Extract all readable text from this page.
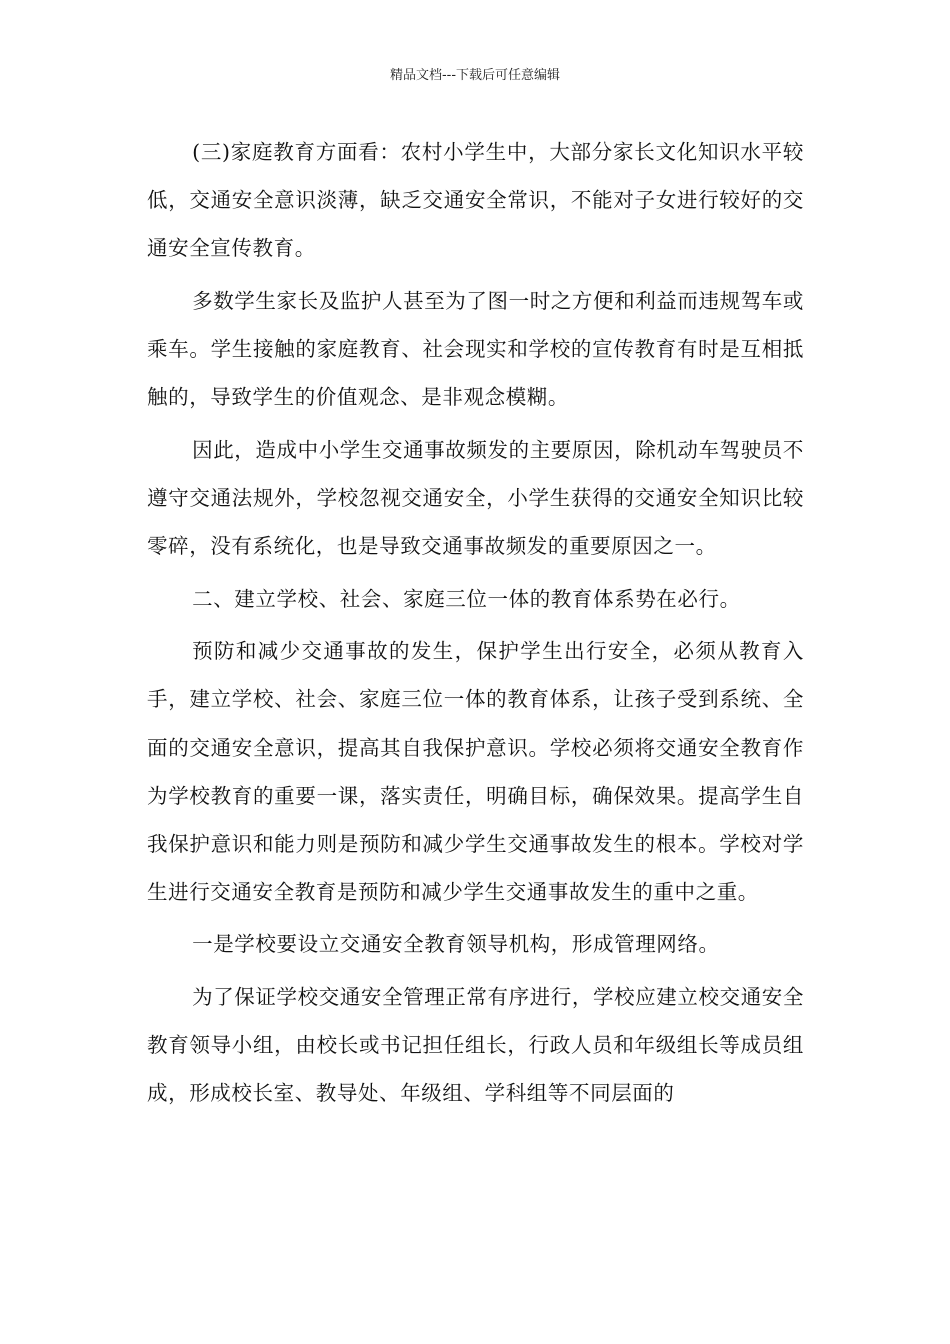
精品文档---下载后可任意编辑

(三)家庭教育方面看：农村小学生中，大部分家长文化知识水平较低，交通安全意识淡薄，缺乏交通安全常识，不能对子女进行较好的交通安全宣传教育。

多数学生家长及监护人甚至为了图一时之方便和利益而违规驾车或乘车。学生接触的家庭教育、社会现实和学校的宣传教育有时是互相抵触的，导致学生的价值观念、是非观念模糊。

因此，造成中小学生交通事故频发的主要原因，除机动车驾驶员不遵守交通法规外，学校忽视交通安全，小学生获得的交通安全知识比较零碎，没有系统化，也是导致交通事故频发的重要原因之一。

二、建立学校、社会、家庭三位一体的教育体系势在必行。

预防和减少交通事故的发生，保护学生出行安全，必须从教育入手，建立学校、社会、家庭三位一体的教育体系，让孩子受到系统、全面的交通安全意识，提高其自我保护意识。学校必须将交通安全教育作为学校教育的重要一课，落实责任，明确目标，确保效果。提高学生自我保护意识和能力则是预防和减少学生交通事故发生的根本。学校对学生进行交通安全教育是预防和减少学生交通事故发生的重中之重。

一是学校要设立交通安全教育领导机构，形成管理网络。

为了保证学校交通安全管理正常有序进行，学校应建立校交通安全教育领导小组，由校长或书记担任组长，行政人员和年级组长等成员组成，形成校长室、教导处、年级组、学科组等不同层面的
